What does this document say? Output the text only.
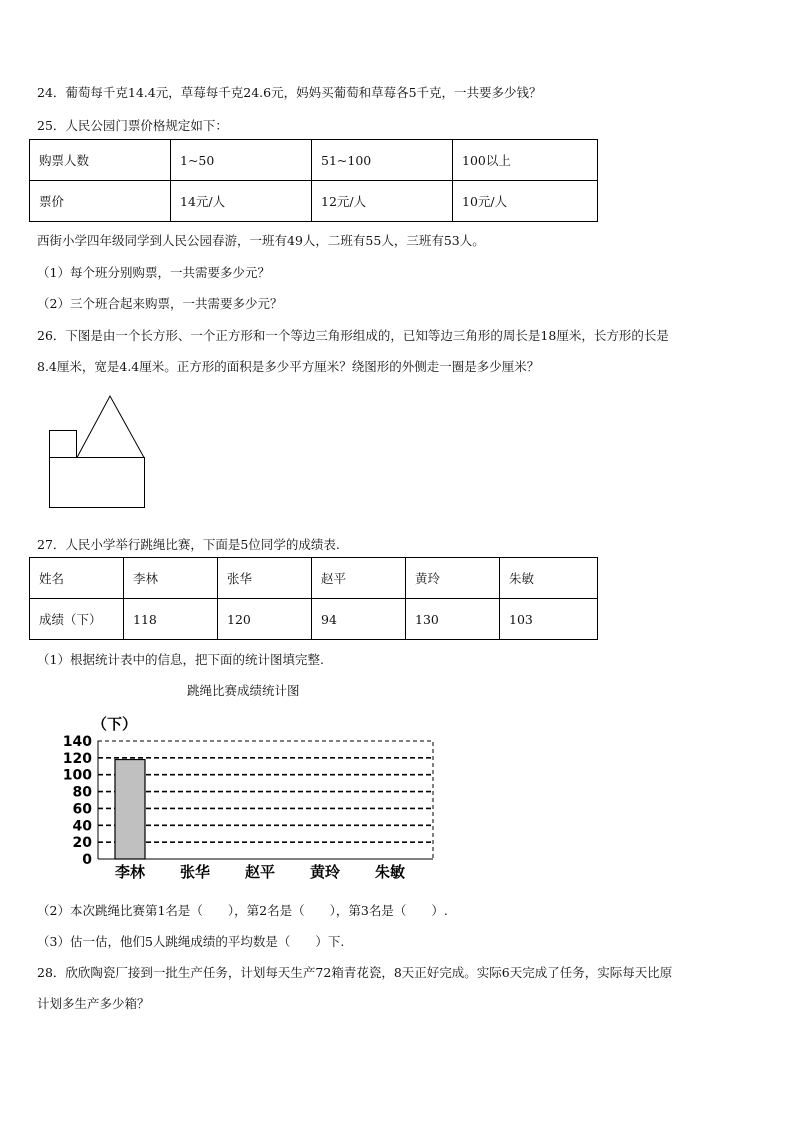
24．葡萄每千克14.4元，草莓每千克24.6元，妈妈买葡萄和草莓各5千克，一共要多少钱？
25．人民公园门票价格规定如下：
购票人数	1~50	51~100	100以上
票价	14元/人	12元/人	10元/人
西街小学四年级同学到人民公园春游，一班有49人，二班有55人，三班有53人。
（1）每个班分别购票，一共需要多少元？
（2）三个班合起来购票，一共需要多少元？
26．下图是由一个长方形、一个正方形和一个等边三角形组成的，已知等边三角形的周长是18厘米，长方形的长是
8.4厘米，宽是4.4厘米。正方形的面积是多少平方厘米？绕图形的外侧走一圈是多少厘米？
27．人民小学举行跳绳比赛，下面是5位同学的成绩表.
姓名	李林	张华	赵平	黄玲	朱敏
成绩（下）	118	120	94	130	103
（1）根据统计表中的信息，把下面的统计图填完整.
跳绳比赛成绩统计图
（下）
0
20
40
60
80
100
120
140
李林 张华 赵平 黄玲 朱敏
（2）本次跳绳比赛第1名是（　　），第2名是（　　），第3名是（　　）.
（3）估一估，他们5人跳绳成绩的平均数是（　　）下.
28．欣欣陶瓷厂接到一批生产任务，计划每天生产72箱青花瓷，8天正好完成。实际6天完成了任务，实际每天比原
计划多生产多少箱？
